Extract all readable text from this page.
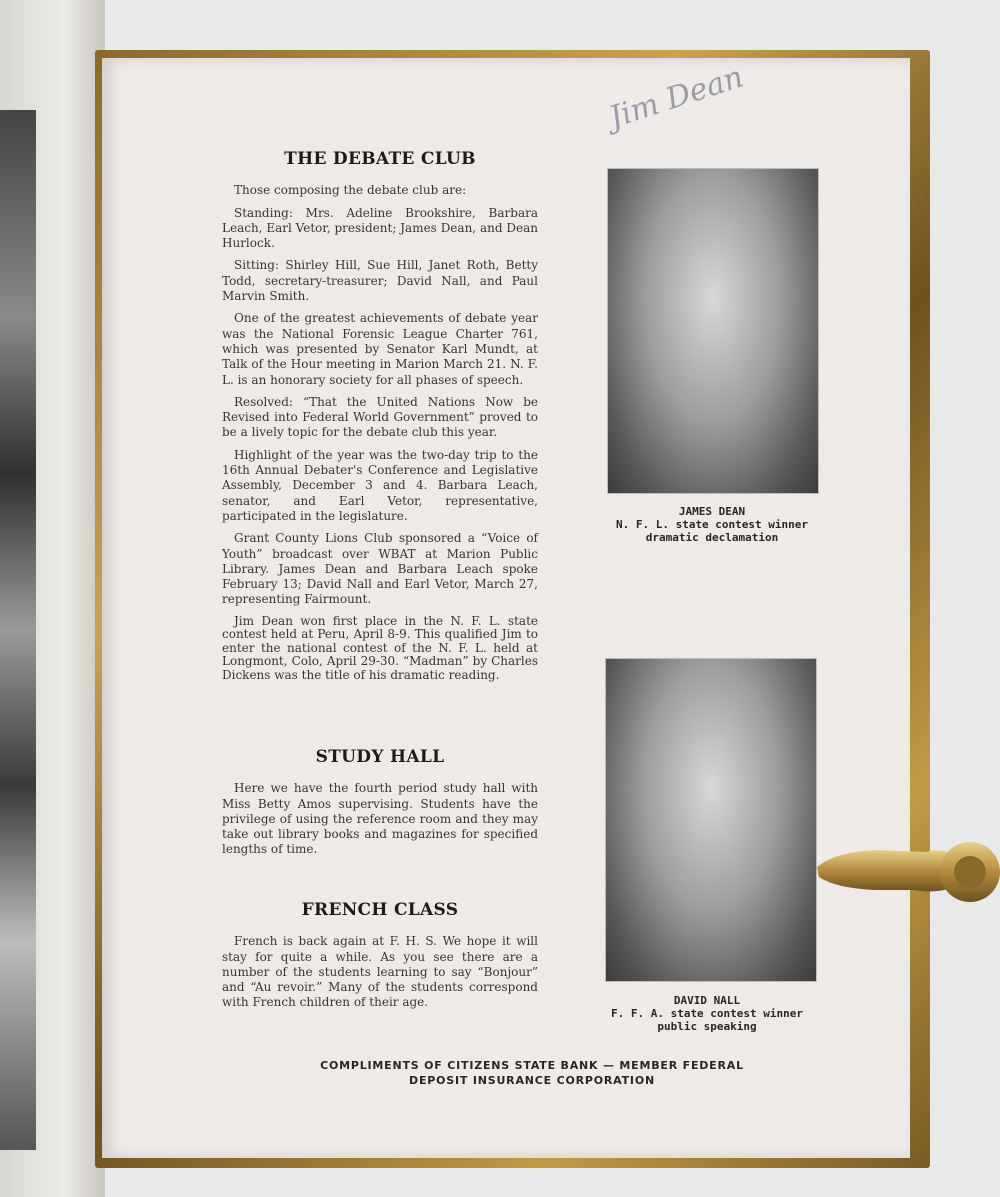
Jim Dean
THE DEBATE CLUB

Those composing the debate club are:

Standing: Mrs. Adeline Brookshire, Barbara Leach, Earl Vetor, president; James Dean, and Dean Hurlock.

Sitting: Shirley Hill, Sue Hill, Janet Roth, Betty Todd, secretary-treasurer; David Nall, and Paul Marvin Smith.

One of the greatest achievements of debate year was the National Forensic League Charter 761, which was presented by Senator Karl Mundt, at Talk of the Hour meeting in Marion March 21. N. F. L. is an honorary society for all phases of speech.

Resolved: “That the United Nations Now be Revised into Federal World Government” proved to be a lively topic for the debate club this year.

Highlight of the year was the two-day trip to the 16th Annual Debater's Conference and Legislative Assembly, December 3 and 4. Barbara Leach, senator, and Earl Vetor, representative, participated in the legislature.

Grant County Lions Club sponsored a “Voice of Youth” broadcast over WBAT at Marion Public Library. James Dean and Barbara Leach spoke February 13; David Nall and Earl Vetor, March 27, representing Fairmount.

Jim Dean won first place in the N. F. L. state contest held at Peru, April 8-9. This qualified Jim to enter the national contest of the N. F. L. held at Longmont, Colo, April 29-30. “Madman” by Charles Dickens was the title of his dramatic reading.

STUDY HALL

Here we have the fourth period study hall with Miss Betty Amos supervising. Students have the privilege of using the reference room and they may take out library books and magazines for specified lengths of time.

FRENCH CLASS

French is back again at F. H. S. We hope it will stay for quite a while. As you see there are a number of the students learning to say “Bonjour” and “Au revoir.” Many of the students correspond with French children of their age.

JAMES DEAN
N. F. L. state contest winner
dramatic declamation
DAVID NALL
F. F. A. state contest winner
public speaking
COMPLIMENTS OF CITIZENS STATE BANK — MEMBER FEDERAL
DEPOSIT INSURANCE CORPORATION
